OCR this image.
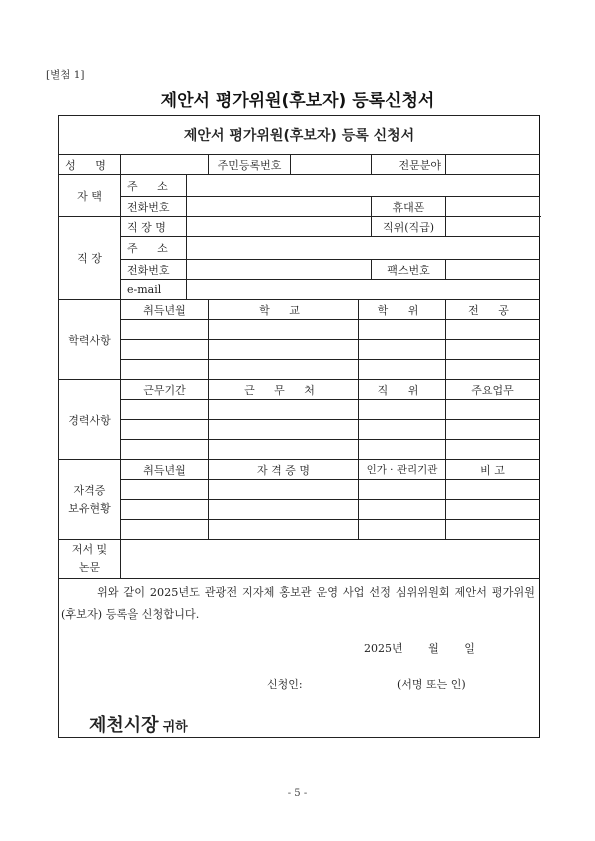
[별첨 1]
제안서 평가위원(후보자) 등록신청서
제안서 평가위원(후보자) 등록 신청서							
성 명			주민등록번호			전문분야	
자 택	주 소						
	전화번호					휴대폰	
직 장	직 장 명					직위(직급)	
	주 소						
	전화번호					팩스번호	
	e-mail						
학력사항	취득년월		학 교		학 위		전 공

경력사항	근무기간		근 무 처		직 위		주요업무

자격증
보유현황	취득년월		자 격 증 명		인가 · 관리기관		비 고

저서 및
논문							

위와 같이 2025년도 관광전 지자체 홍보관 운영 사업 선정 심위위원회 제안서 평가위원(후보자) 등록을 신청합니다.
2025년 월 일
신청인: (서명 또는 인)
제천시장 귀하							
- 5 -
